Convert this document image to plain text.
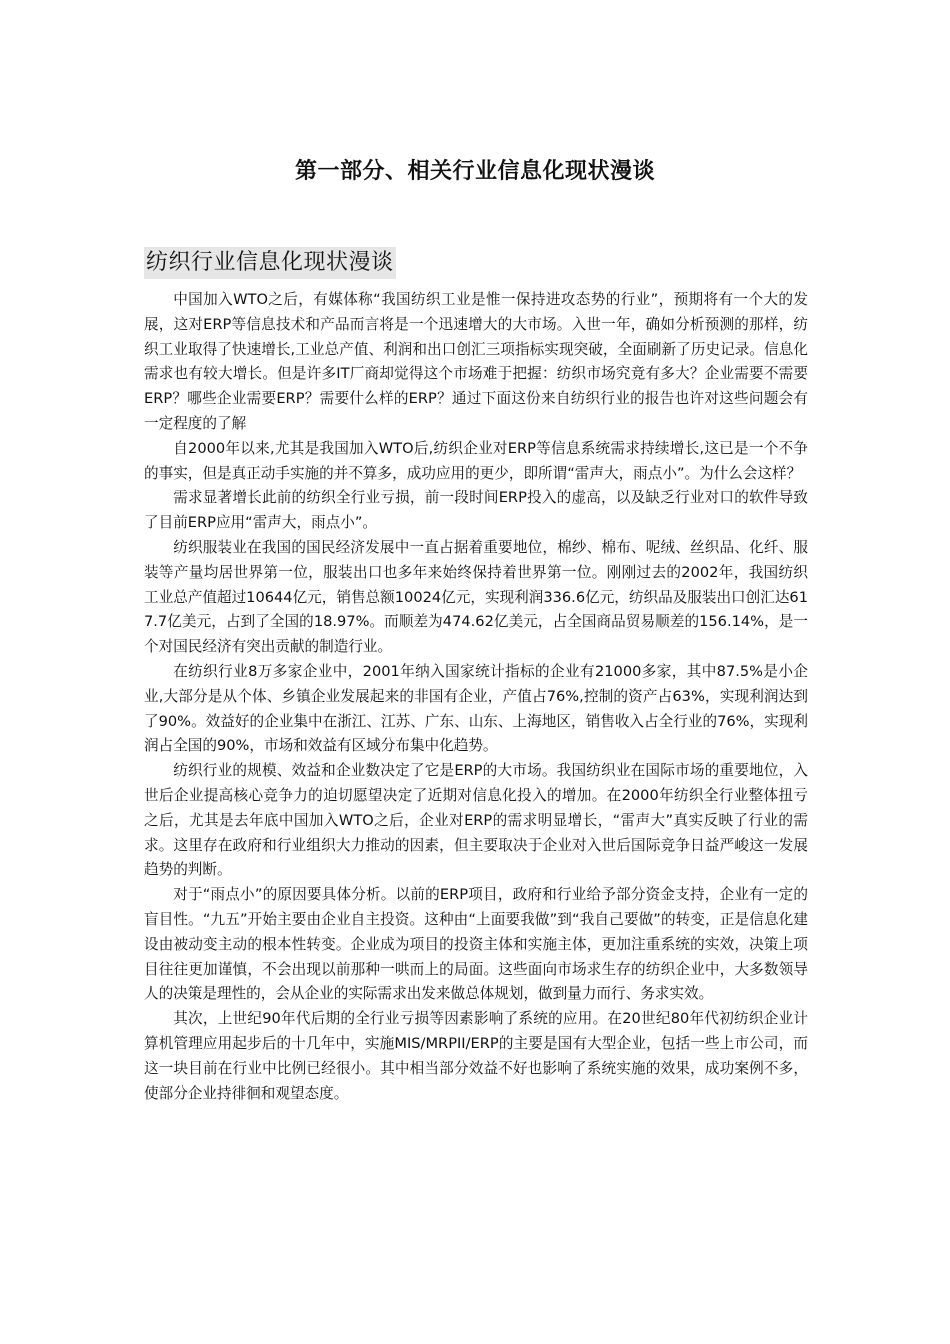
第一部分、相关行业信息化现状漫谈
纺织行业信息化现状漫谈

中国加入WTO之后，有媒体称“我国纺织工业是惟一保持进攻态势的行业”，预期将有一个大的发展，这对ERP等信息技术和产品而言将是一个迅速增大的大市场。入世一年，确如分析预测的那样，纺织工业取得了快速增长,工业总产值、利润和出口创汇三项指标实现突破，全面刷新了历史记录。信息化需求也有较大增长。但是许多IT厂商却觉得这个市场难于把握：纺织市场究竟有多大？企业需要不需要ERP？哪些企业需要ERP？需要什么样的ERP？通过下面这份来自纺织行业的报告也许对这些问题会有一定程度的了解

自2000年以来,尤其是我国加入WTO后,纺织企业对ERP等信息系统需求持续增长,这已是一个不争的事实，但是真正动手实施的并不算多，成功应用的更少，即所谓“雷声大，雨点小”。为什么会这样？

需求显著增长此前的纺织全行业亏损，前一段时间ERP投入的虚高，以及缺乏行业对口的软件导致了目前ERP应用“雷声大，雨点小”。

纺织服装业在我国的国民经济发展中一直占据着重要地位，棉纱、棉布、呢绒、丝织品、化纤、服装等产量均居世界第一位，服装出口也多年来始终保持着世界第一位。刚刚过去的2002年，我国纺织工业总产值超过10644亿元，销售总额10024亿元，实现利润336.6亿元，纺织品及服装出口创汇达617.7亿美元，占到了全国的18.97%。而顺差为474.62亿美元，占全国商品贸易顺差的156.14%，是一个对国民经济有突出贡献的制造行业。

在纺织行业8万多家企业中，2001年纳入国家统计指标的企业有21000多家，其中87.5%是小企业,大部分是从个体、乡镇企业发展起来的非国有企业，产值占76%,控制的资产占63%，实现利润达到了90%。效益好的企业集中在浙江、江苏、广东、山东、上海地区，销售收入占全行业的76%，实现利润占全国的90%，市场和效益有区域分布集中化趋势。

纺织行业的规模、效益和企业数决定了它是ERP的大市场。我国纺织业在国际市场的重要地位，入世后企业提高核心竞争力的迫切愿望决定了近期对信息化投入的增加。在2000年纺织全行业整体扭亏之后，尤其是去年底中国加入WTO之后，企业对ERP的需求明显增长，“雷声大”真实反映了行业的需求。这里存在政府和行业组织大力推动的因素，但主要取决于企业对入世后国际竞争日益严峻这一发展趋势的判断。

对于“雨点小”的原因要具体分析。以前的ERP项目，政府和行业给予部分资金支持，企业有一定的盲目性。“九五”开始主要由企业自主投资。这种由“上面要我做”到“我自己要做”的转变，正是信息化建设由被动变主动的根本性转变。企业成为项目的投资主体和实施主体，更加注重系统的实效，决策上项目往往更加谨慎，不会出现以前那种一哄而上的局面。这些面向市场求生存的纺织企业中，大多数领导人的决策是理性的，会从企业的实际需求出发来做总体规划，做到量力而行、务求实效。

其次，上世纪90年代后期的全行业亏损等因素影响了系统的应用。在20世纪80年代初纺织企业计算机管理应用起步后的十几年中，实施MIS/MRPII/ERP的主要是国有大型企业，包括一些上市公司，而这一块目前在行业中比例已经很小。其中相当部分效益不好也影响了系统实施的效果，成功案例不多，使部分企业持徘徊和观望态度。
